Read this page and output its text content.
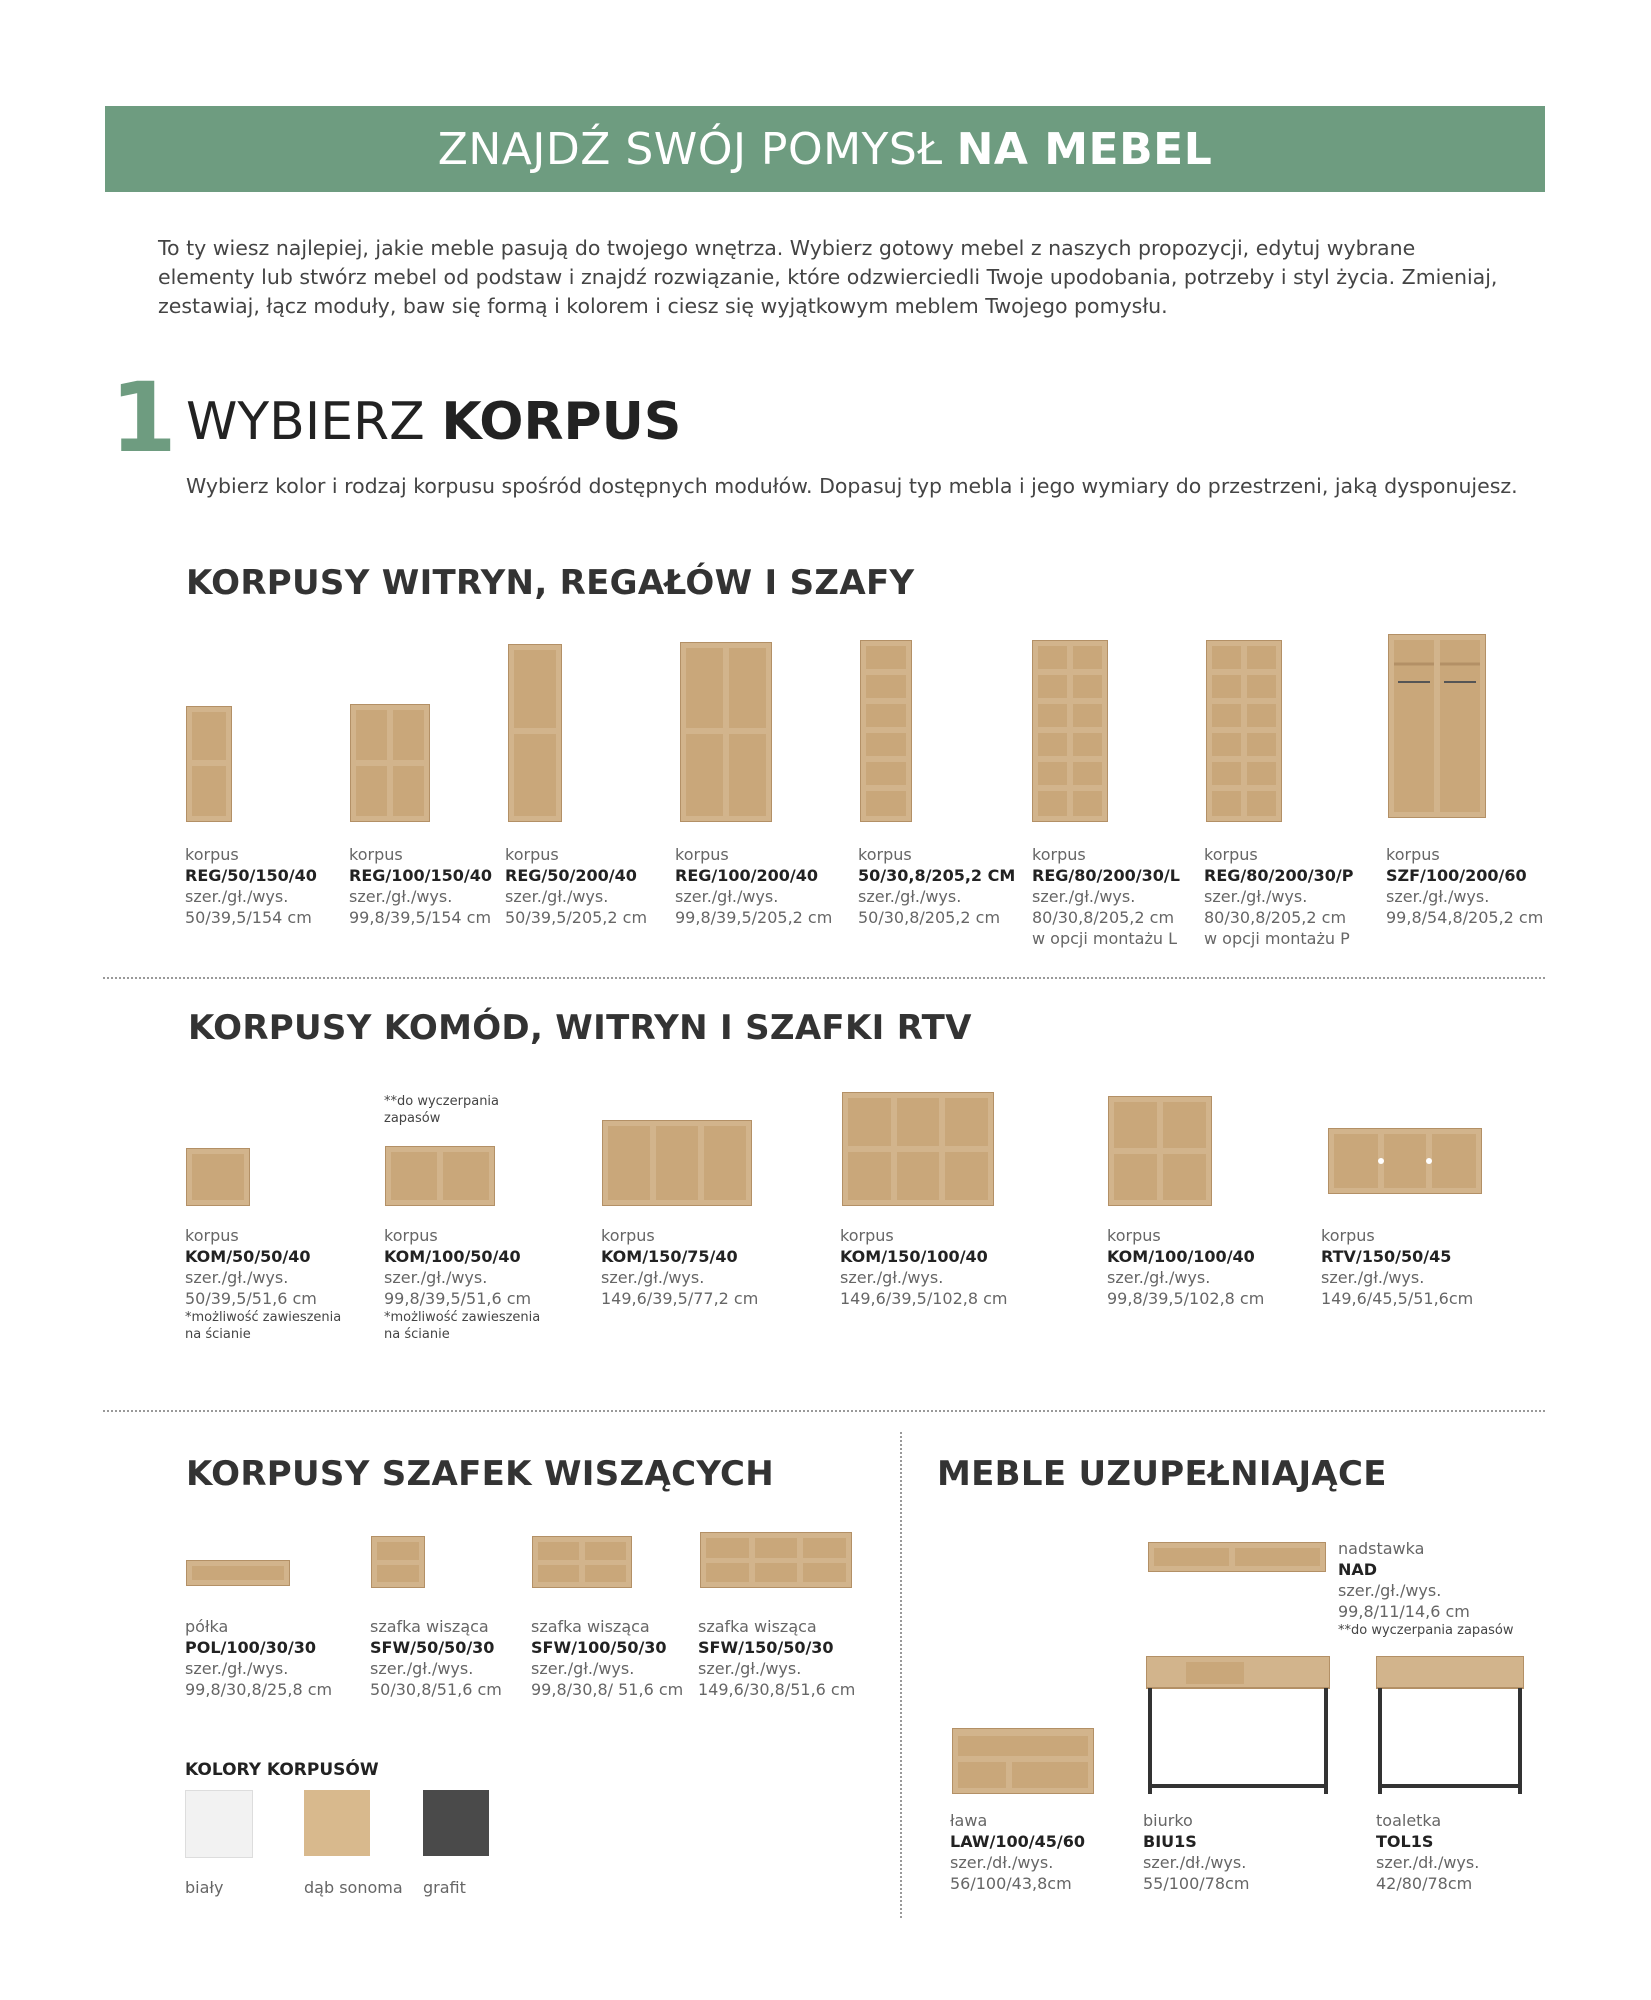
ZNAJDŹ SWÓJ POMYSŁ NA MEBEL

To ty wiesz najlepiej, jakie meble pasują do twojego wnętrza. Wybierz gotowy mebel z naszych propozycji, edytuj wybrane elementy lub stwórz mebel od podstaw i znajdź rozwiązanie, które odzwierciedli Twoje upodobania, potrzeby i styl życia. Zmieniaj, zestawiaj, łącz moduły, baw się formą i kolorem i ciesz się wyjątkowym meblem Twojego pomysłu.

1 WYBIERZ KORPUS
Wybierz kolor i rodzaj korpusu spośród dostępnych modułów. Dopasuj typ mebla i jego wymiary do przestrzeni, jaką dysponujesz.
KORPUSY WITRYN, REGAŁÓW I SZAFY
korpus
REG/50/150/40
szer./gł./wys.
50/39,5/154 cm
korpus
REG/100/150/40
szer./gł./wys.
99,8/39,5/154 cm
korpus
REG/50/200/40
szer./gł./wys.
50/39,5/205,2 cm
korpus
REG/100/200/40
szer./gł./wys.
99,8/39,5/205,2 cm
korpus
50/30,8/205,2 CM
szer./gł./wys.
50/30,8/205,2 cm
korpus
REG/80/200/30/L
szer./gł./wys.
80/30,8/205,2 cm
w opcji montażu L
korpus
REG/80/200/30/P
szer./gł./wys.
80/30,8/205,2 cm
w opcji montażu P
korpus
SZF/100/200/60
szer./gł./wys.
99,8/54,8/205,2 cm
KORPUSY KOMÓD, WITRYN I SZAFKI RTV
**do wyczerpania zapasów
korpus
KOM/50/50/40
szer./gł./wys.
50/39,5/51,6 cm
*możliwość zawieszenia na ścianie
korpus
KOM/100/50/40
szer./gł./wys.
99,8/39,5/51,6 cm
*możliwość zawieszenia na ścianie
korpus
KOM/150/75/40
szer./gł./wys.
149,6/39,5/77,2 cm
korpus
KOM/150/100/40
szer./gł./wys.
149,6/39,5/102,8 cm
korpus
KOM/100/100/40
szer./gł./wys.
99,8/39,5/102,8 cm
korpus
RTV/150/50/45
szer./gł./wys.
149,6/45,5/51,6cm
KORPUSY SZAFEK WISZĄCYCH
półka
POL/100/30/30
szer./gł./wys.
99,8/30,8/25,8 cm
szafka wisząca
SFW/50/50/30
szer./gł./wys.
50/30,8/51,6 cm
szafka wisząca
SFW/100/50/30
szer./gł./wys.
99,8/30,8/ 51,6 cm
szafka wisząca
SFW/150/50/30
szer./gł./wys.
149,6/30,8/51,6 cm
KOLORY KORPUSÓW
biały	dąb sonoma grafit
MEBLE UZUPEŁNIAJĄCE
nadstawka
NAD
szer./gł./wys.
99,8/11/14,6 cm
**do wyczerpania zapasów
ława
LAW/100/45/60
szer./dł./wys.
56/100/43,8cm
biurko
BIU1S
szer./dł./wys.
55/100/78cm
toaletka
TOL1S
szer./dł./wys.
42/80/78cm
